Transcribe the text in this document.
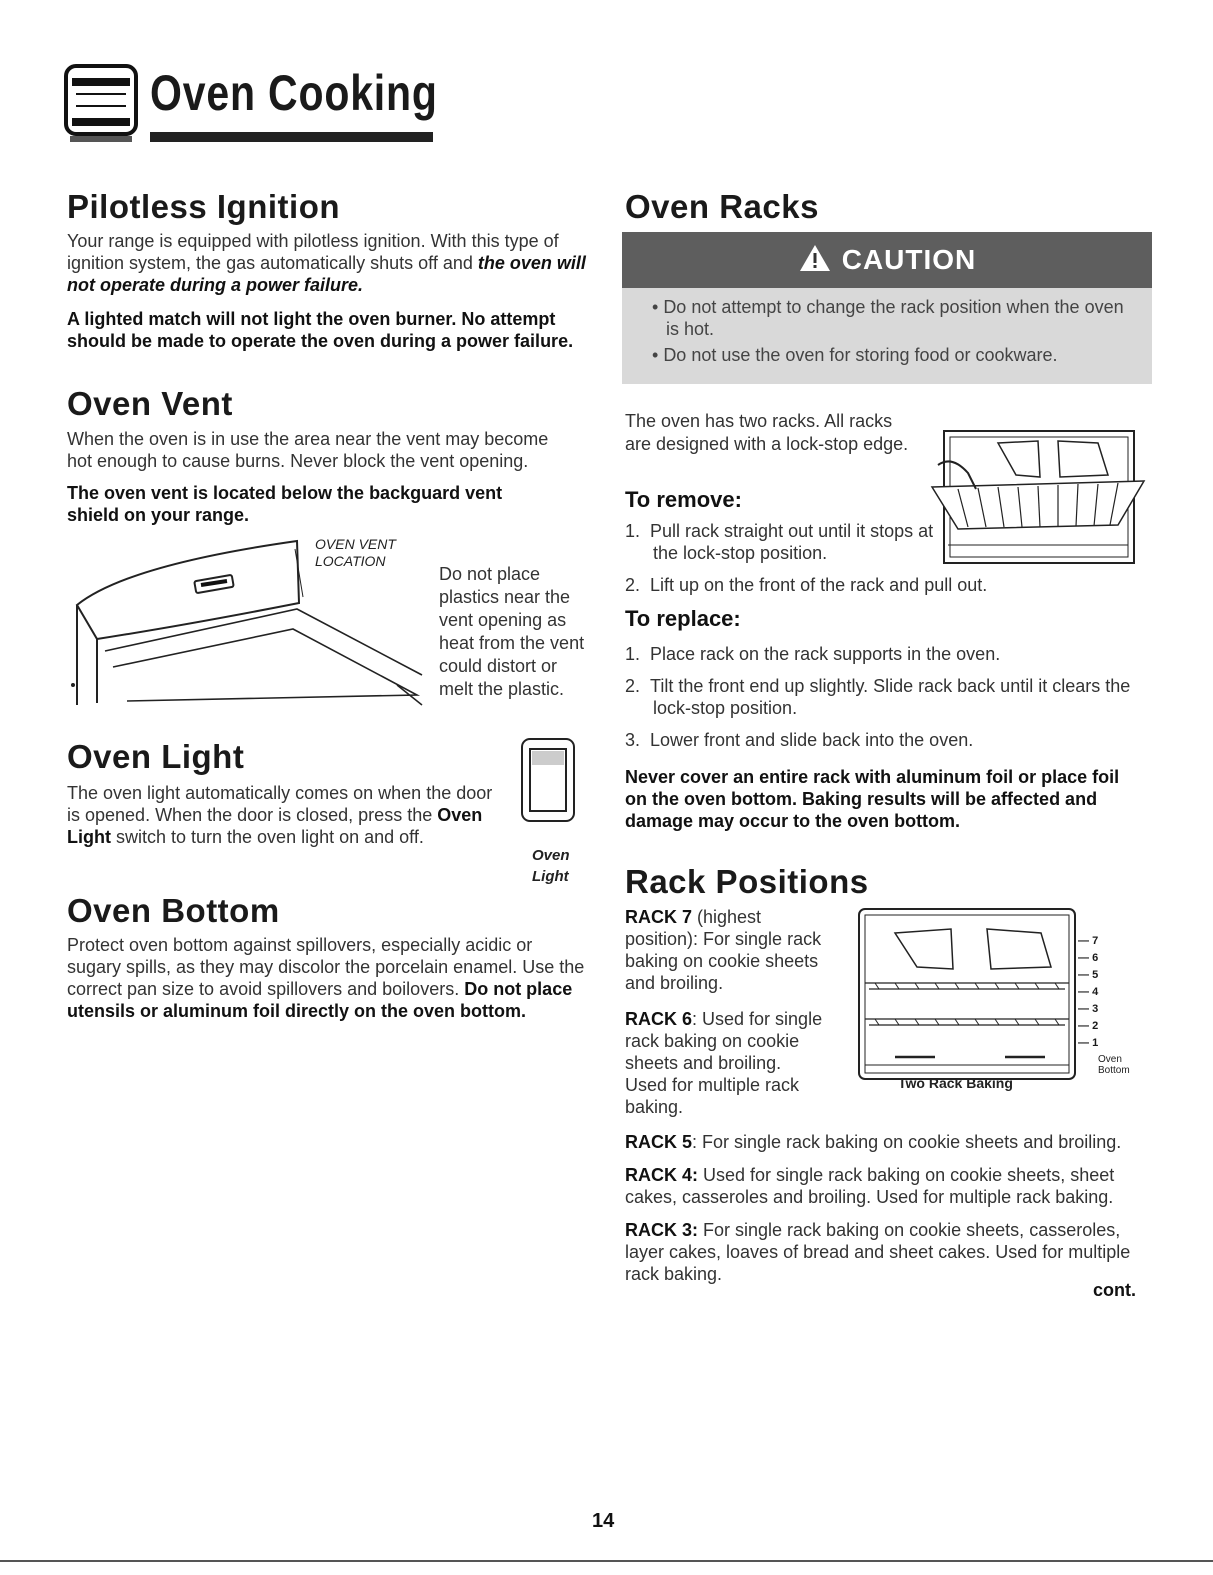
Oven Cooking
Pilotless Ignition

Your range is equipped with pilotless ignition. With this type of ignition system, the gas automatically shuts off and the oven will not operate during a power failure.

A lighted match will not light the oven burner. No attempt should be made to operate the oven during a power failure.

Oven Vent

When the oven is in use the area near the vent may become hot enough to cause burns. Never block the vent opening.

The oven vent is located below the backguard vent shield on your range.

OVEN VENT
LOCATION

Do not place plastics near the vent opening as heat from the vent could distort or melt the plastic.

Oven Light

The oven light automatically comes on when the door is opened. When the door is closed, press the Oven Light switch to turn the oven light on and off.

Oven
Light
Oven Bottom

Protect oven bottom against spillovers, especially acidic or sugary spills, as they may discolor the porcelain enamel. Use the correct pan size to avoid spillovers and boilovers. Do not place utensils or aluminum foil directly on the oven bottom.

Oven Racks
CAUTION
• Do not attempt to change the rack position when the oven is hot.
• Do not use the oven for storing food or cookware.

The oven has two racks. All racks are designed with a lock-stop edge.

To remove:
1.  Pull rack straight out until it stops at the lock-stop position.
2.  Lift up on the front of the rack and pull out.
To replace:
1.  Place rack on the rack supports in the oven.
2.  Tilt the front end up slightly. Slide rack back until it clears the lock-stop position.
3.  Lower front and slide back into the oven.

Never cover an entire rack with aluminum foil or place foil on the oven bottom. Baking results will be affected and damage may occur to the oven bottom.

Rack Positions

RACK 7 (highest position): For single rack baking on cookie sheets and broiling.

RACK 6: Used for single rack baking on cookie sheets and broiling. Used for multiple rack baking.

— 7
— 6
— 5
— 4
— 3
— 2
— 1
Oven
Bottom
Two Rack Baking

RACK 5: For single rack baking on cookie sheets and broiling.

RACK 4: Used for single rack baking on cookie sheets, sheet cakes, casseroles and broiling. Used for multiple rack baking.

RACK 3: For single rack baking on cookie sheets, casseroles, layer cakes, loaves of bread and sheet cakes. Used for multiple rack baking.

cont.
14
